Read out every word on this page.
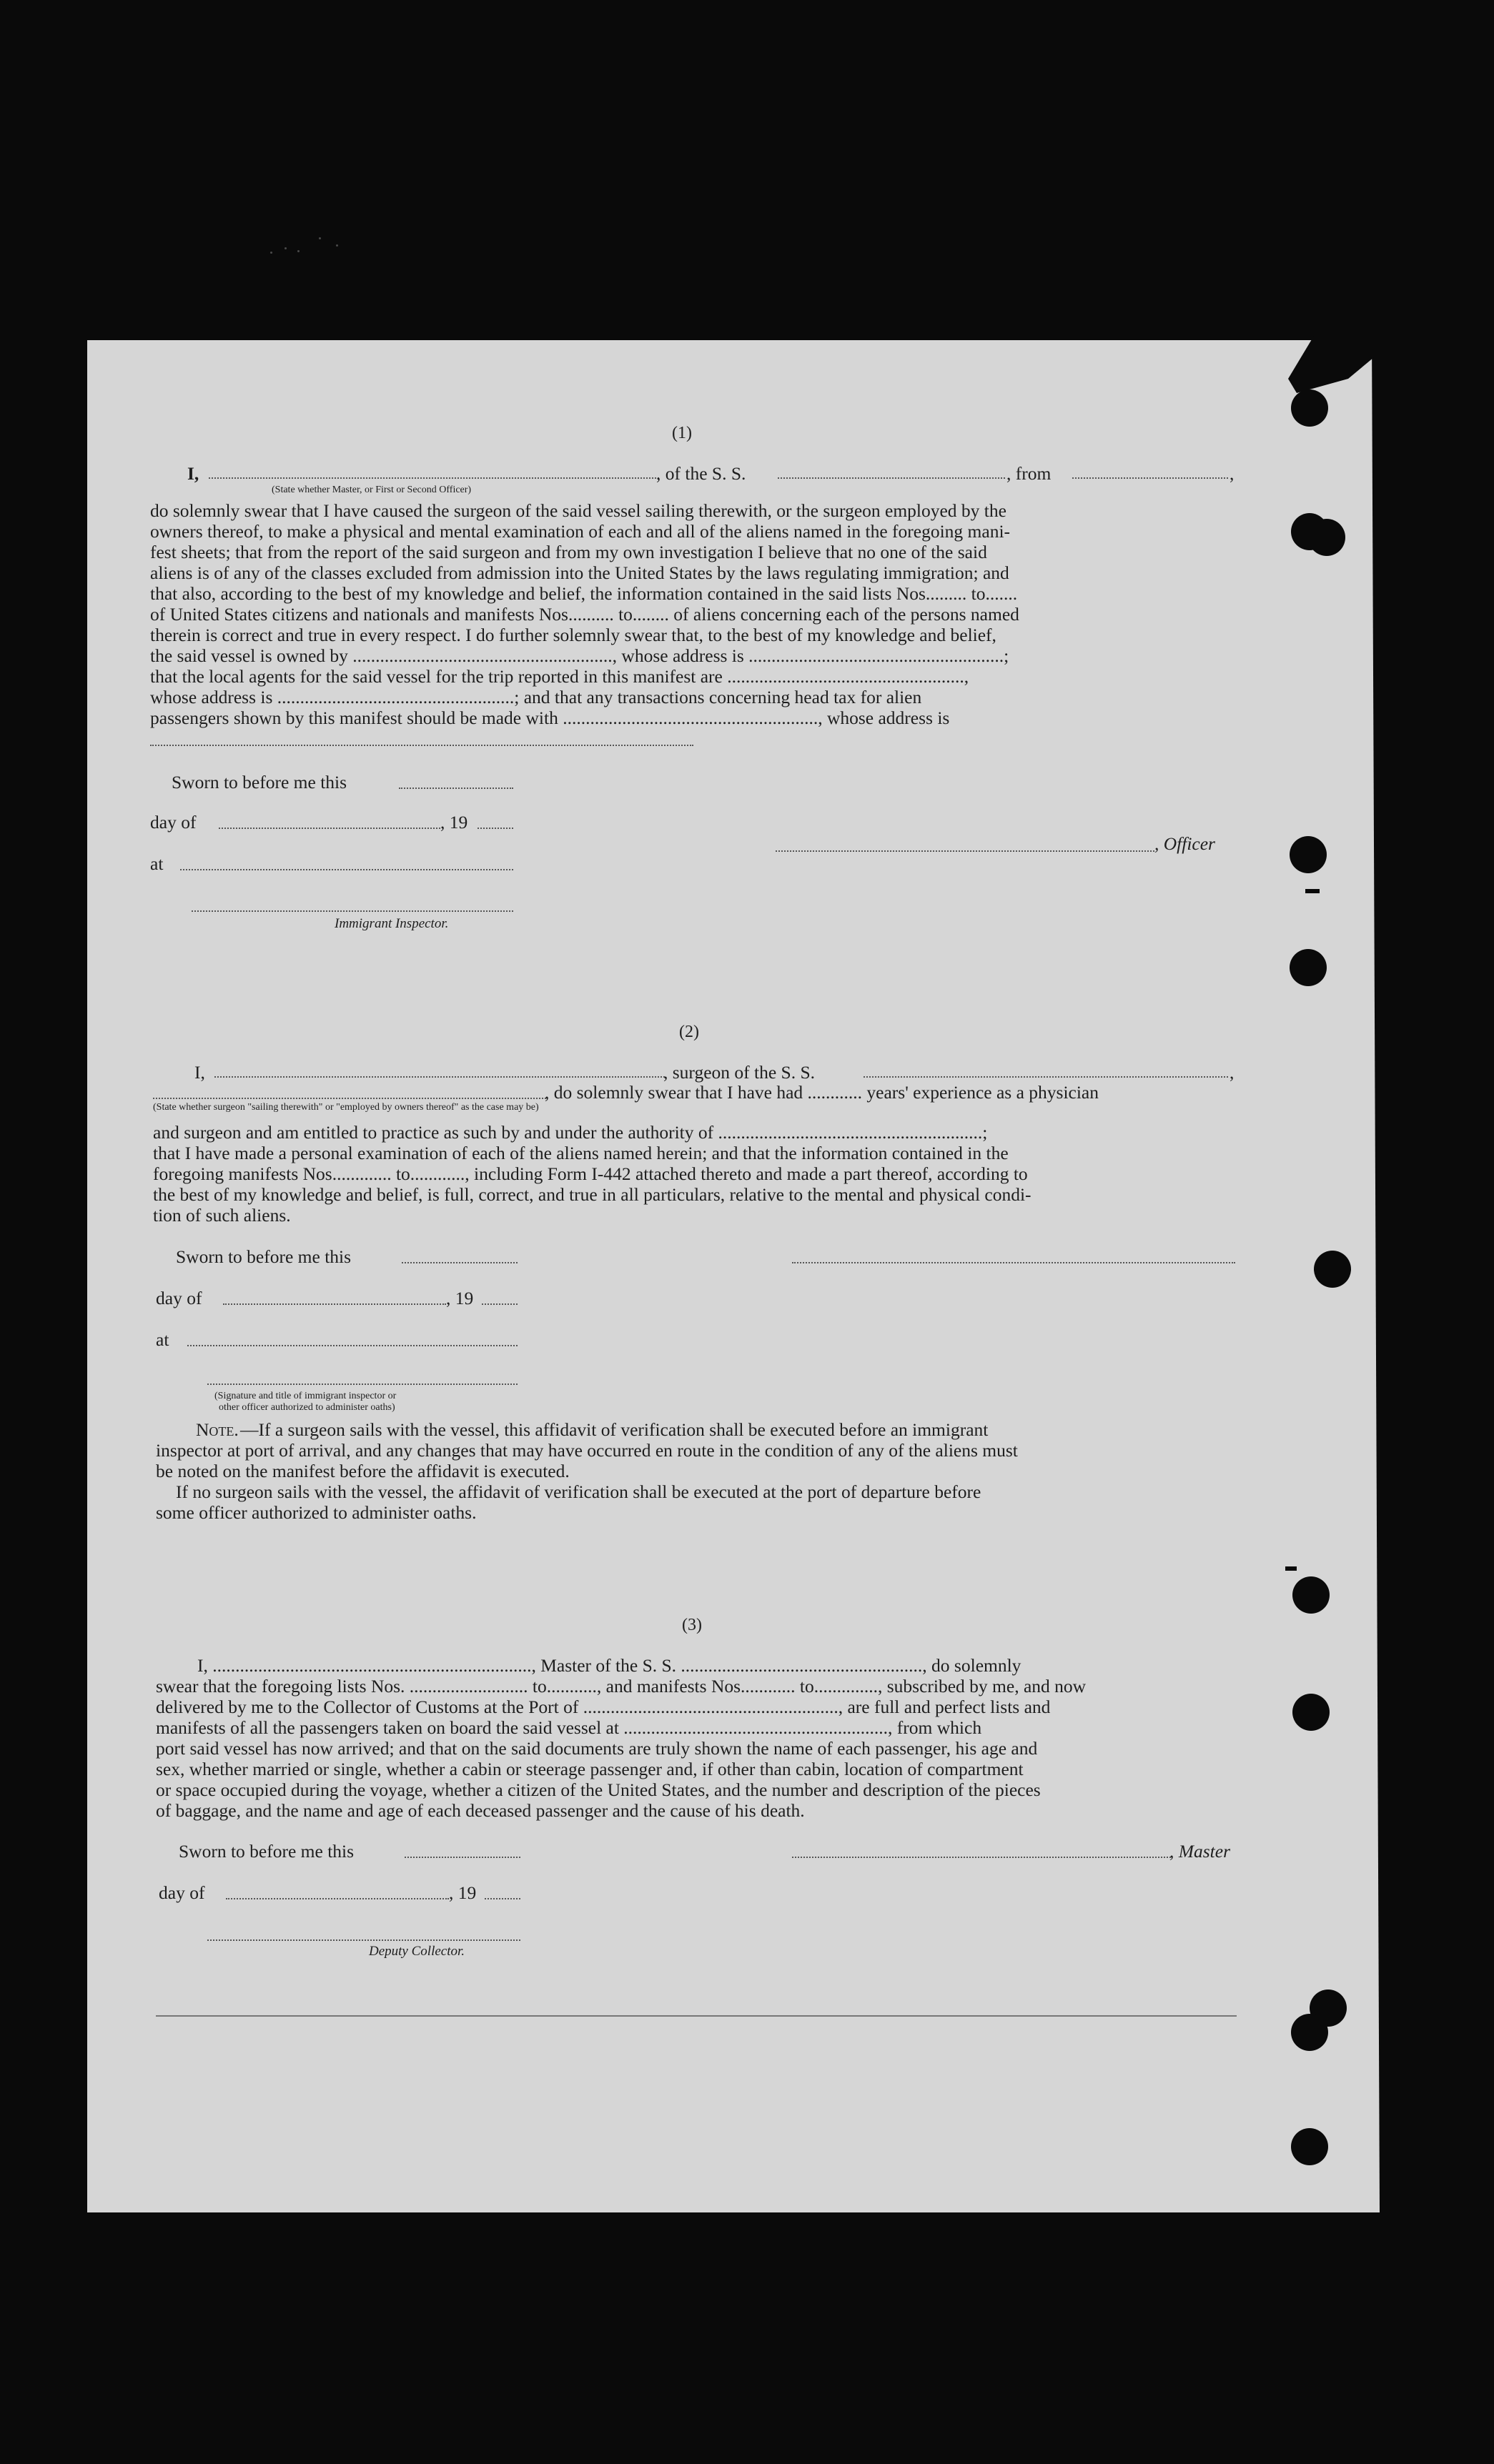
(1)
I,	, of the S. S.	, from	,
(State whether Master, or First or Second Officer)
do solemnly swear that I have caused the surgeon of the said vessel sailing therewith, or the surgeon employed by the
owners thereof, to make a physical and mental examination of each and all of the aliens named in the foregoing mani-
fest sheets; that from the report of the said surgeon and from my own investigation I believe that no one of the said
aliens is of any of the classes excluded from admission into the United States by the laws regulating immigration; and
that also, according to the best of my knowledge and belief, the information contained in the said lists Nos......... to.......
of United States citizens and nationals and manifests Nos.......... to........ of aliens concerning each of the persons named
therein is correct and true in every respect. I do further solemnly swear that, to the best of my knowledge and belief,
the said vessel is owned by ........................................................., whose address is ........................................................;
that the local agents for the said vessel for the trip reported in this manifest are ....................................................,
whose address is ....................................................; and that any transactions concerning head tax for alien
passengers shown by this manifest should be made with ........................................................, whose address is
Sworn to before me this
day of	, 19
at
, Officer
Immigrant Inspector.
(2)
I,	, surgeon of the S. S.	,
, do solemnly swear that I have had ............ years' experience as a physician
(State whether surgeon "sailing therewith" or "employed by owners thereof" as the case may be)
and surgeon and am entitled to practice as such by and under the authority of ..........................................................;
that I have made a personal examination of each of the aliens named herein; and that the information contained in the
foregoing manifests Nos............. to............, including Form I-442 attached thereto and made a part thereof, according to
the best of my knowledge and belief, is full, correct, and true in all particulars, relative to the mental and physical condi-
tion of such aliens.
Sworn to before me this
day of	, 19
at
(Signature and title of immigrant inspector or
other officer authorized to administer oaths)
Note. —If a surgeon sails with the vessel, this affidavit of verification shall be executed before an immigrant
inspector at port of arrival, and any changes that may have occurred en route in the condition of any of the aliens must
be noted on the manifest before the affidavit is executed.
If no surgeon sails with the vessel, the affidavit of verification shall be executed at the port of departure before
some officer authorized to administer oaths.
(3)
I, ......................................................................, Master of the S. S. ....................................................., do solemnly
swear that the foregoing lists Nos. .......................... to..........., and manifests Nos............ to.............., subscribed by me, and now
delivered by me to the Collector of Customs at the Port of ........................................................, are full and perfect lists and
manifests of all the passengers taken on board the said vessel at .........................................................., from which
port said vessel has now arrived; and that on the said documents are truly shown the name of each passenger, his age and
sex, whether married or single, whether a cabin or steerage passenger and, if other than cabin, location of compartment
or space occupied during the voyage, whether a citizen of the United States, and the number and description of the pieces
of baggage, and the name and age of each deceased passenger and the cause of his death.
Sworn to before me this	, Master
day of	, 19
Deputy Collector.
